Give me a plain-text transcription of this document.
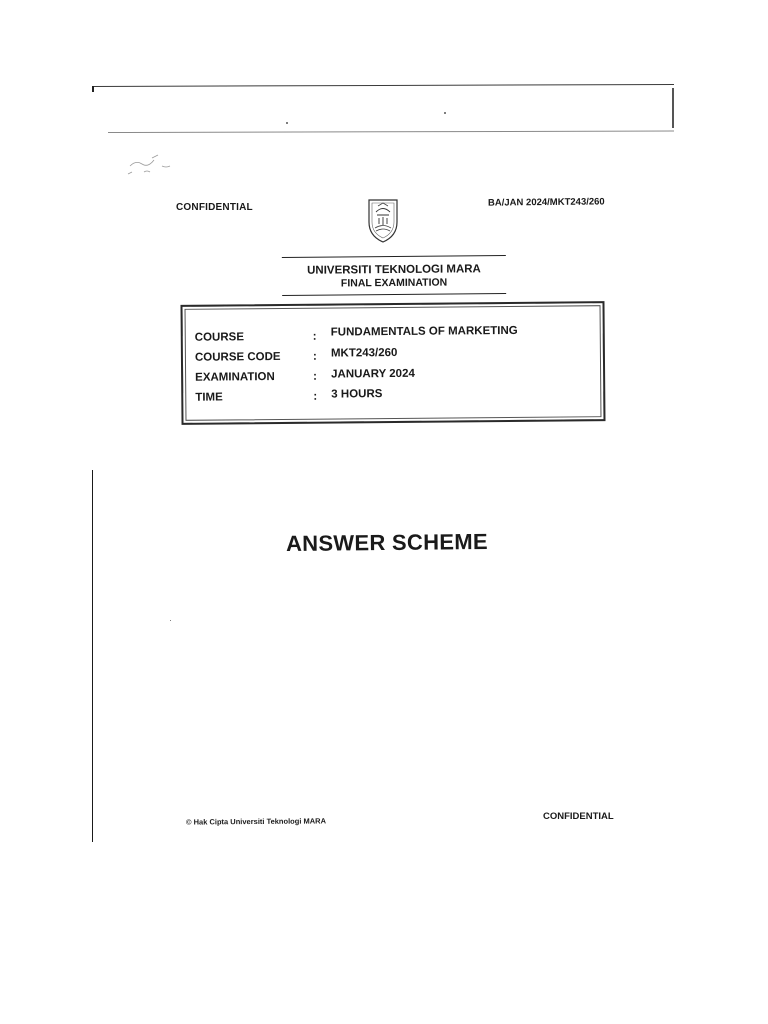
CONFIDENTIAL	BA/JAN 2024/MKT243/260
UNIVERSITI TEKNOLOGI MARA
FINAL EXAMINATION
COURSE	: FUNDAMENTALS OF MARKETING
COURSE CODE	: MKT243/260
EXAMINATION	: JANUARY 2024
TIME	: 3 HOURS
ANSWER SCHEME
© Hak Cipta Universiti Teknologi MARA	CONFIDENTIAL
